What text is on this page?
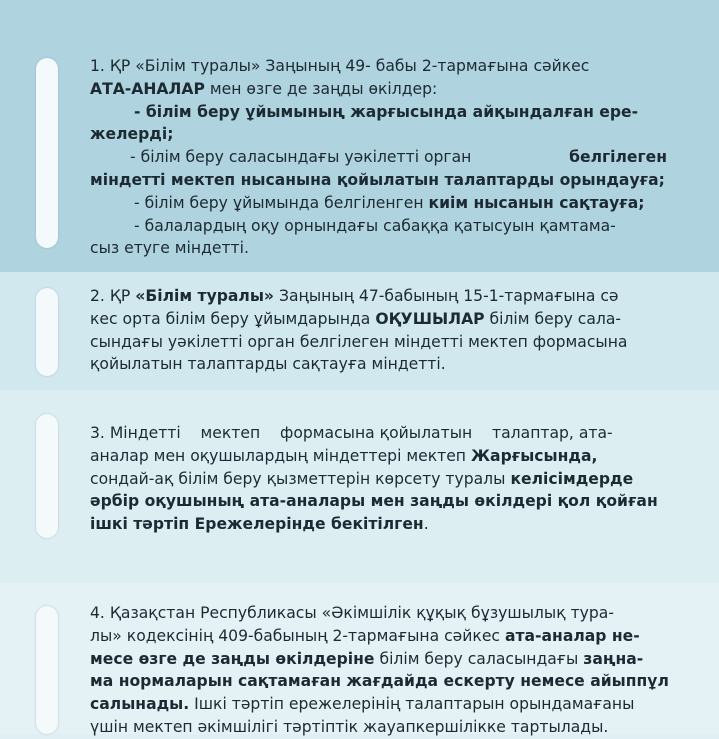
1. ҚР «Білім туралы» Заңының 49- бабы 2-тармағына сәйкес
АТА-АНАЛАР мен өзге де заңды өкілдер:
- білім беру ұйымының жарғысында айқындалған ере-
желерді;
- білім беру саласындағы уәкілетті орган	белгілеген
міндетті мектеп нысанына қойылатын талаптарды орындауға;
- білім беру ұйымында белгіленген киім нысанын сақтауға;
- балалардың оқу орнындағы сабаққа қатысуын қамтама-
сыз етуге міндетті.
2. ҚР «Білім туралы» Заңының 47-бабының 15-1-тармағына сә
кес орта білім беру ұйымдарында ОҚУШЫЛАР білім беру сала-
сындағы уәкілетті орган белгілеген міндетті мектеп формасына
қойылатын талаптарды сақтауға міндетті.
3. Міндетті    мектеп    формасына қойылатын    талаптар, ата-
аналар мен оқушылардың міндеттері мектеп Жарғысында,
сондай-ақ білім беру қызметтерін көрсету туралы келісімдерде
әрбір оқушының ата-аналары мен заңды өкілдері қол қойған
ішкі тәртіп Ережелерінде бекітілген.
4. Қазақстан Республикасы «Әкімшілік құқық бұзушылық тура-
лы» кодексінің 409-бабының 2-тармағына сәйкес ата-аналар не-
месе өзге де заңды өкілдеріне білім беру саласындағы заңна-
ма нормаларын сақтамаған жағдайда ескерту немесе айыппұл
салынады. Ішкі тәртіп ережелерінің талаптарын орындамағаны
үшін мектеп әкімшілігі тәртіптік жауапкершілікке тартылады.
